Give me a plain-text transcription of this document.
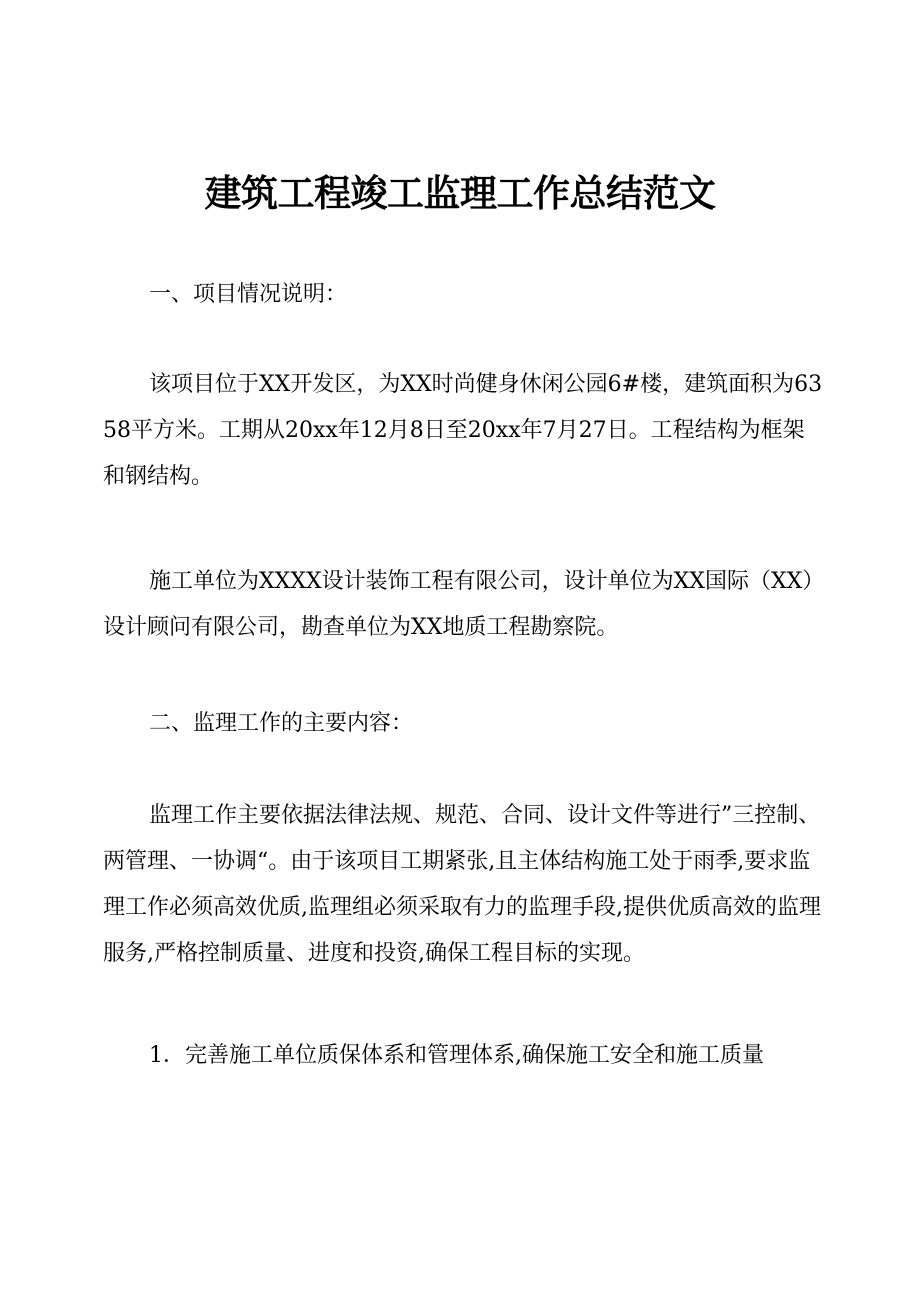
建筑工程竣工监理工作总结范文

一、项目情况说明：

该项目位于XX开发区，为XX时尚健身休闲公园6#楼，建筑面积为6358平方米。工期从20xx年12月8日至20xx年7月27日。工程结构为框架和钢结构。

施工单位为XXXX设计装饰工程有限公司，设计单位为XX国际（XX）设计顾问有限公司，勘查单位为XX地质工程勘察院。

二、监理工作的主要内容：

监理工作主要依据法律法规、规范、合同、设计文件等进行”三控制、两管理、一协调“。由于该项目工期紧张,且主体结构施工处于雨季,要求监理工作必须高效优质,监理组必须采取有力的监理手段,提供优质高效的监理服务,严格控制质量、进度和投资,确保工程目标的实现。

1．完善施工单位质保体系和管理体系,确保施工安全和施工质量
